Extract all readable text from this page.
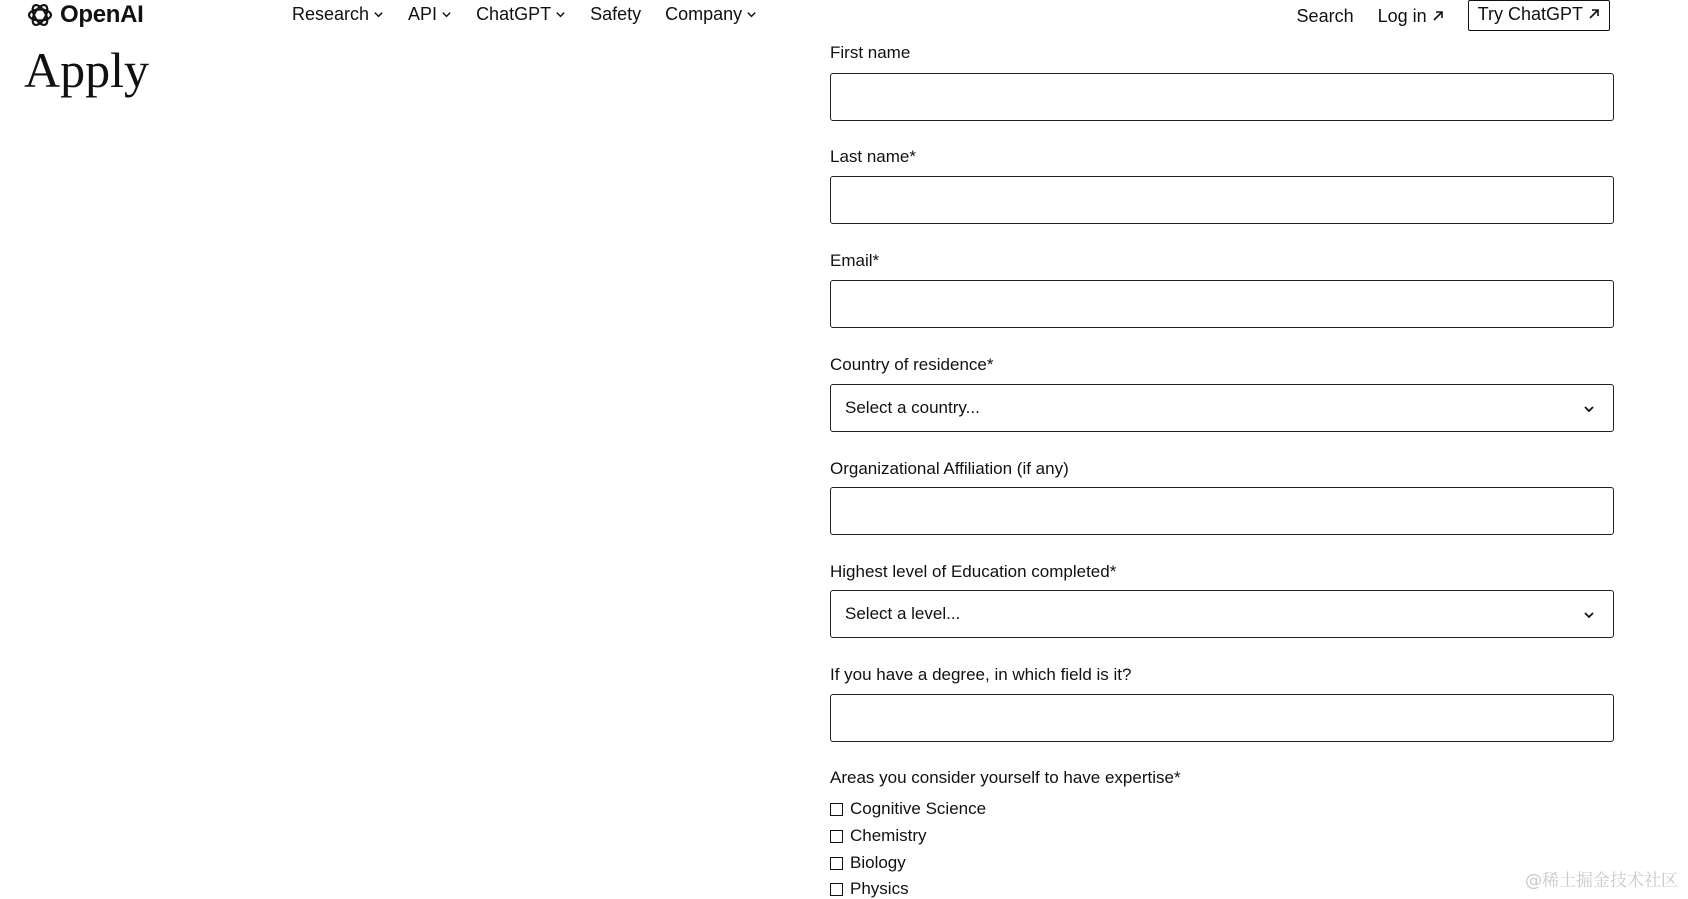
OpenAI	Research API ChatGPT Safety Company	Search Log in	Try ChatGPT
Apply	First name
Last name*
Email*
Country of residence*
Select a country...
Organizational Affiliation (if any)
Highest level of Education completed*
Select a level...
If you have a degree, in which field is it?
Areas you consider yourself to have expertise*
Cognitive Science
Chemistry
Biology
Physics	@稀土掘金技术社区
